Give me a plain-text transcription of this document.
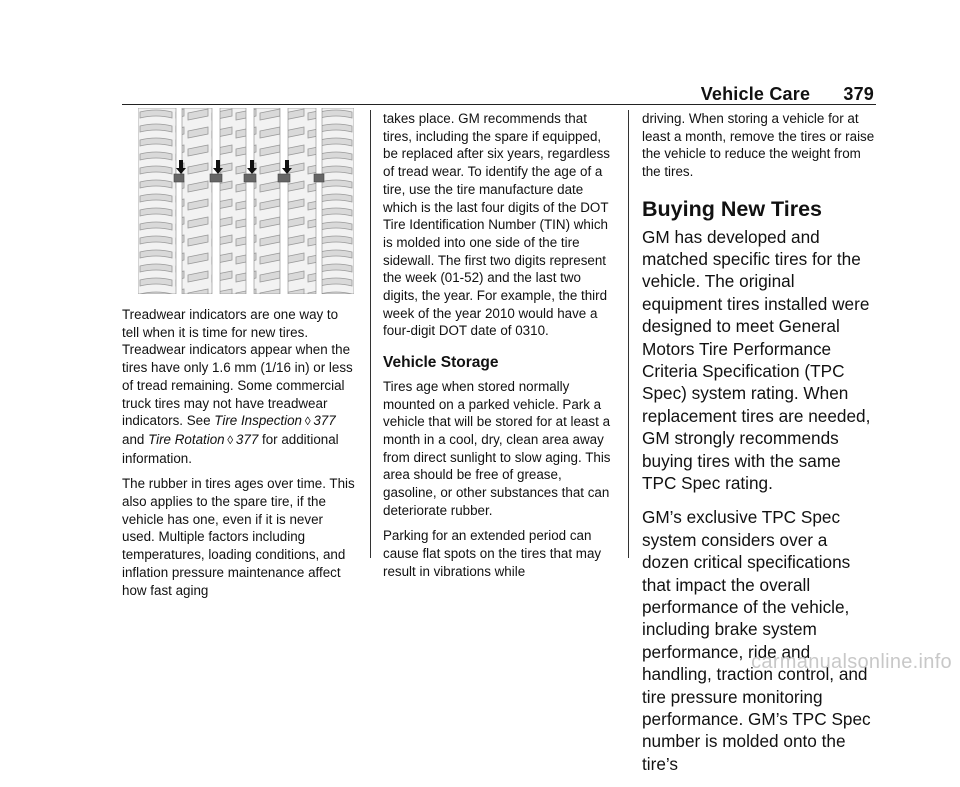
Vehicle Care 379

Treadwear indicators are one way to tell when it is time for new tires. Treadwear indicators appear when the tires have only 1.6 mm (1/16 in) or less of tread remaining. Some commercial truck tires may not have treadwear indicators. See Tire Inspection  ◊  377 and Tire Rotation  ◊  377 for additional information.

The rubber in tires ages over time. This also applies to the spare tire, if the vehicle has one, even if it is never used. Multiple factors including temperatures, loading conditions, and inflation pressure maintenance affect how fast aging

takes place. GM recommends that tires, including the spare if equipped, be replaced after six years, regardless of tread wear. To identify the age of a tire, use the tire manufacture date which is the last four digits of the DOT Tire Identification Number (TIN) which is molded into one side of the tire sidewall. The first two digits represent the week (01-52) and the last two digits, the year. For example, the third week of the year 2010 would have a four-digit DOT date of 0310.

Vehicle Storage

Tires age when stored normally mounted on a parked vehicle. Park a vehicle that will be stored for at least a month in a cool, dry, clean area away from direct sunlight to slow aging. This area should be free of grease, gasoline, or other substances that can deteriorate rubber.

Parking for an extended period can cause flat spots on the tires that may result in vibrations while

driving. When storing a vehicle for at least a month, remove the tires or raise the vehicle to reduce the weight from the tires.

Buying New Tires

GM has developed and matched specific tires for the vehicle. The original equipment tires installed were designed to meet General Motors Tire Performance Criteria Specification (TPC Spec) system rating. When replacement tires are needed, GM strongly recommends buying tires with the same TPC Spec rating.

GM’s exclusive TPC Spec system considers over a dozen critical specifications that impact the overall performance of the vehicle, including brake system performance, ride and handling, traction control, and tire pressure monitoring performance. GM’s TPC Spec number is molded onto the tire’s

carmanualsonline.info
